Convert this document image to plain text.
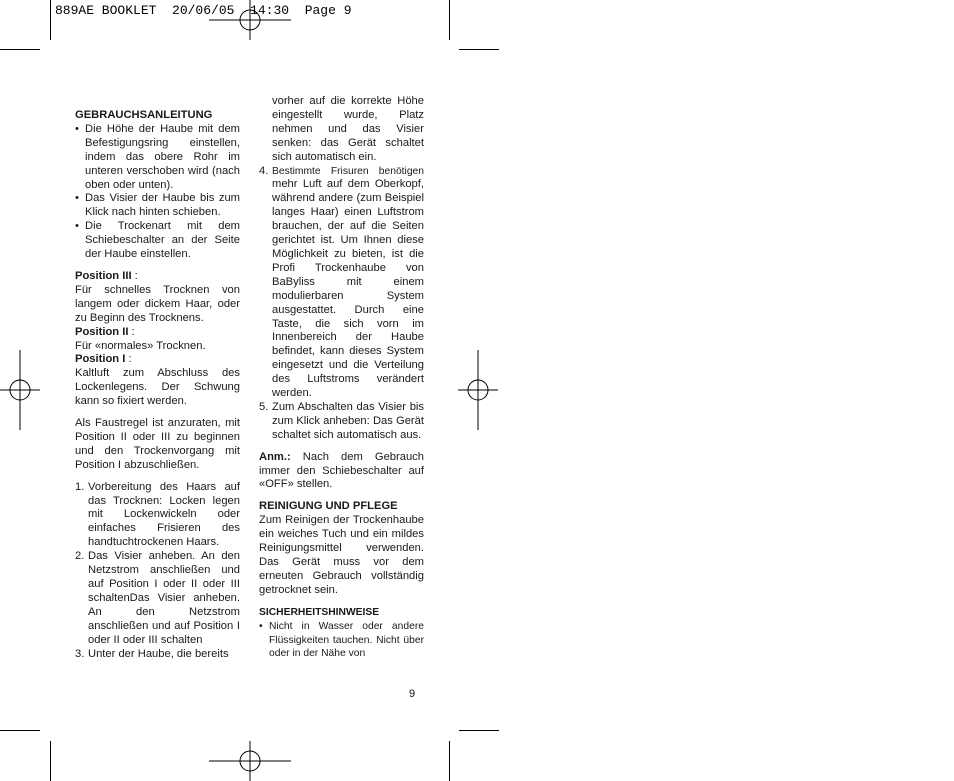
889AE BOOKLET 20/06/05 14:30 Page 9

GEBRAUCHSANLEITUNG

• Die Höhe der Haube mit dem Befestigungsring einstellen, indem das obere Rohr im unteren verschoben wird (nach oben oder unten).
• Das Visier der Haube bis zum Klick nach hinten schieben.
• Die Trockenart mit dem Schiebeschalter an der Seite der Haube einstellen.

Position III :

Für schnelles Trocknen von langem oder dickem Haar, oder zu Beginn des Trocknens.

Position II :

Für «normales» Trocknen.

Position I :

Kaltluft zum Abschluss des Lockenlegens. Der Schwung kann so fixiert werden.

Als Faustregel ist anzuraten, mit Position II oder III zu beginnen und den Trockenvorgang mit Position I abzuschließen.

1. Vorbereitung des Haars auf das Trocknen: Locken legen mit Lockenwickeln oder einfaches Frisieren des handtuchtrockenen Haars.
2. Das Visier anheben. An den Netzstrom anschließen und auf Position I oder II oder III schaltenDas Visier anheben. An den Netzstrom anschließen und auf Position I oder II oder III schalten
3. Unter der Haube, die bereits

vorher auf die korrekte Höhe eingestellt wurde, Platz nehmen und das Visier senken: das Gerät schaltet sich automatisch ein.

4. Bestimmte Frisuren benötigen mehr Luft auf dem Oberkopf, während andere (zum Beispiel langes Haar) einen Luftstrom brauchen, der auf die Seiten gerichtet ist. Um Ihnen diese Möglichkeit zu bieten, ist die Profi Trockenhaube von BaByliss mit einem modulierbaren System ausgestattet. Durch eine Taste, die sich vorn im Innenbereich der Haube befindet, kann dieses System eingesetzt und die Verteilung des Luftstroms verändert werden.
5. Zum Abschalten das Visier bis zum Klick anheben: Das Gerät schaltet sich automatisch aus.

Anm.: Nach dem Gebrauch immer den Schiebeschalter auf «OFF» stellen.

REINIGUNG UND PFLEGE

Zum Reinigen der Trockenhaube ein weiches Tuch und ein mildes Reinigungsmittel verwenden. Das Gerät muss vor dem erneuten Gebrauch vollständig getrocknet sein.

SICHERHEITSHINWEISE

• Nicht in Wasser oder andere Flüssigkeiten tauchen. Nicht über oder in der Nähe von
9
